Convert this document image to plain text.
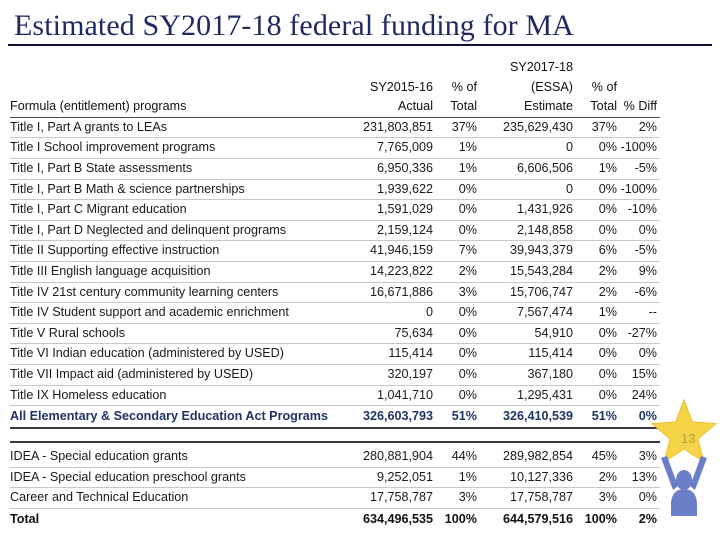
Estimated SY2017-18 federal funding for MA
			SY2017-18		
	SY2015-16	% of	(ESSA)	% of	
Formula (entitlement) programs	Actual	Total	Estimate	Total	% Diff
Title I, Part A grants to LEAs	231,803,851	37%	235,629,430	37%	2%
Title I School improvement programs	7,765,009	1%	0	0%	-100%
Title I, Part B State assessments	6,950,336	1%	6,606,506	1%	-5%
Title I, Part B Math & science partnerships	1,939,622	0%	0	0%	-100%
Title I, Part C Migrant education	1,591,029	0%	1,431,926	0%	-10%
Title I, Part D Neglected and delinquent programs	2,159,124	0%	2,148,858	0%	0%
Title II Supporting effective instruction	41,946,159	7%	39,943,379	6%	-5%
Title III English language acquisition	14,223,822	2%	15,543,284	2%	9%
Title IV 21st century community learning centers	16,671,886	3%	15,706,747	2%	-6%
Title IV Student support and academic enrichment	0	0%	7,567,474	1%	--
Title V Rural schools	75,634	0%	54,910	0%	-27%
Title VI Indian education (administered by USED)	115,414	0%	115,414	0%	0%
Title VII Impact aid (administered by USED)	320,197	0%	367,180	0%	15%
Title IX Homeless education	1,041,710	0%	1,295,431	0%	24%
All Elementary & Secondary Education Act Programs	326,603,793	51%	326,410,539	51%	0%

IDEA - Special education grants	280,881,904	44%	289,982,854	45%	3%
IDEA - Special education preschool grants	9,252,051	1%	10,127,336	2%	13%
Career and Technical Education	17,758,787	3%	17,758,787	3%	0%
Total	634,496,535	100%	644,579,516	100%	2%
13
